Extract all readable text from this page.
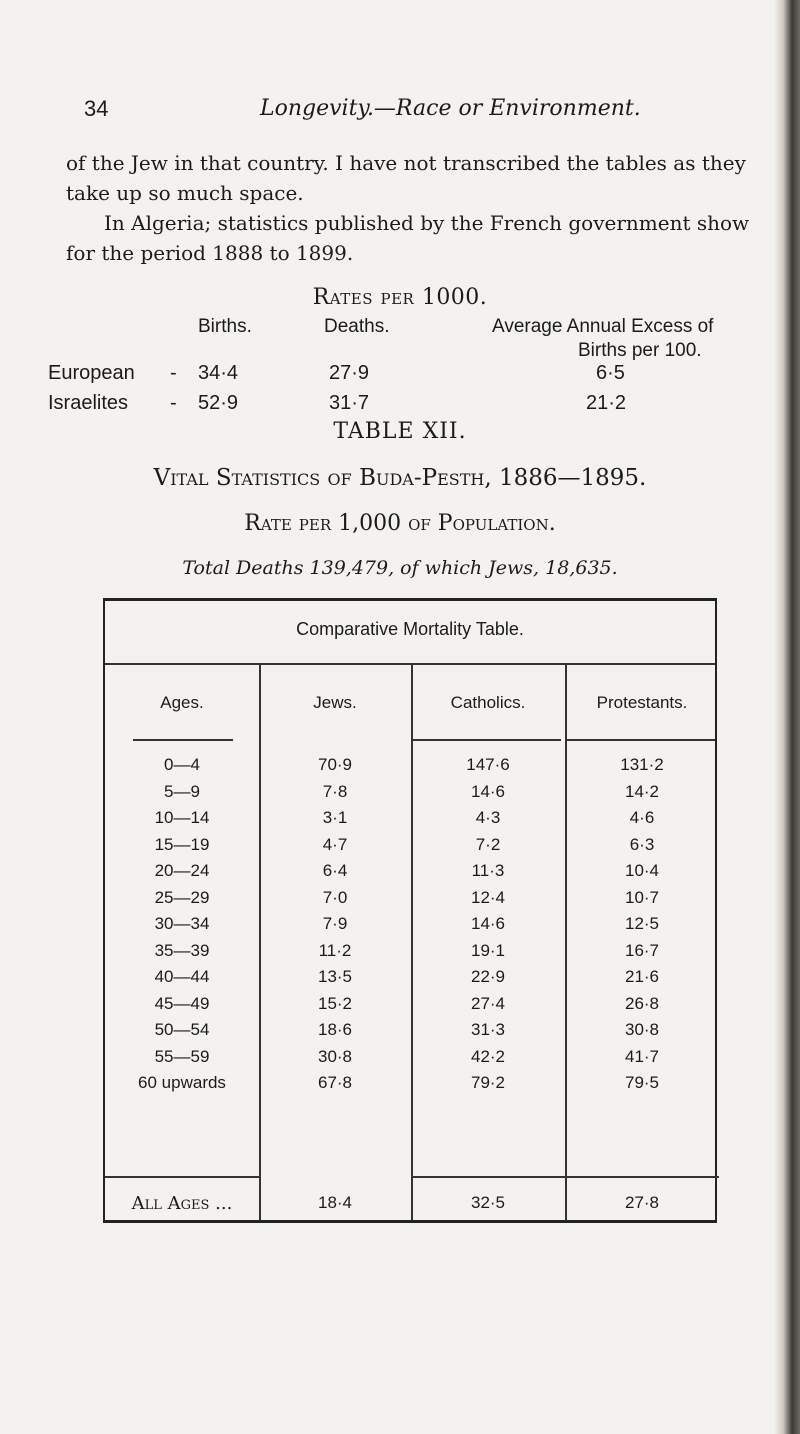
34	Longevity.—Race or Environment.
of the Jew in that country. I have not transcribed the tables as they
take up so much space.
In Algeria; statistics published by the French government show
for the period 1888 to 1899.
Rates per 1000.
Births.	Deaths.	Average Annual Excess of
Births per 100.
European - 34·4	27·9	6·5
Israelites - 52·9	31·7	21·2
TABLE XII.
Vital Statistics of Buda-Pesth, 1886—1895.
Rate per 1,000 of Population.
Total Deaths 139,479, of which Jews, 18,635.
Comparative Mortality Table.
Ages.	Jews.	Catholics.	Protestants.
0—4	70·9	147·6	131·2
5—9	7·8	14·6	14·2
10—14	3·1	4·3	4·6
15—19	4·7	7·2	6·3
20—24	6·4	11·3	10·4
25—29	7·0	12·4	10·7
30—34	7·9	14·6	12·5
35—39	11·2	19·1	16·7
40—44	13·5	22·9	21·6
45—49	15·2	27·4	26·8
50—54	18·6	31·3	30·8
55—59	30·8	42·2	41·7
60 upwards	67·8	79·2	79·5
All Ages ...	18·4	32·5	27·8
